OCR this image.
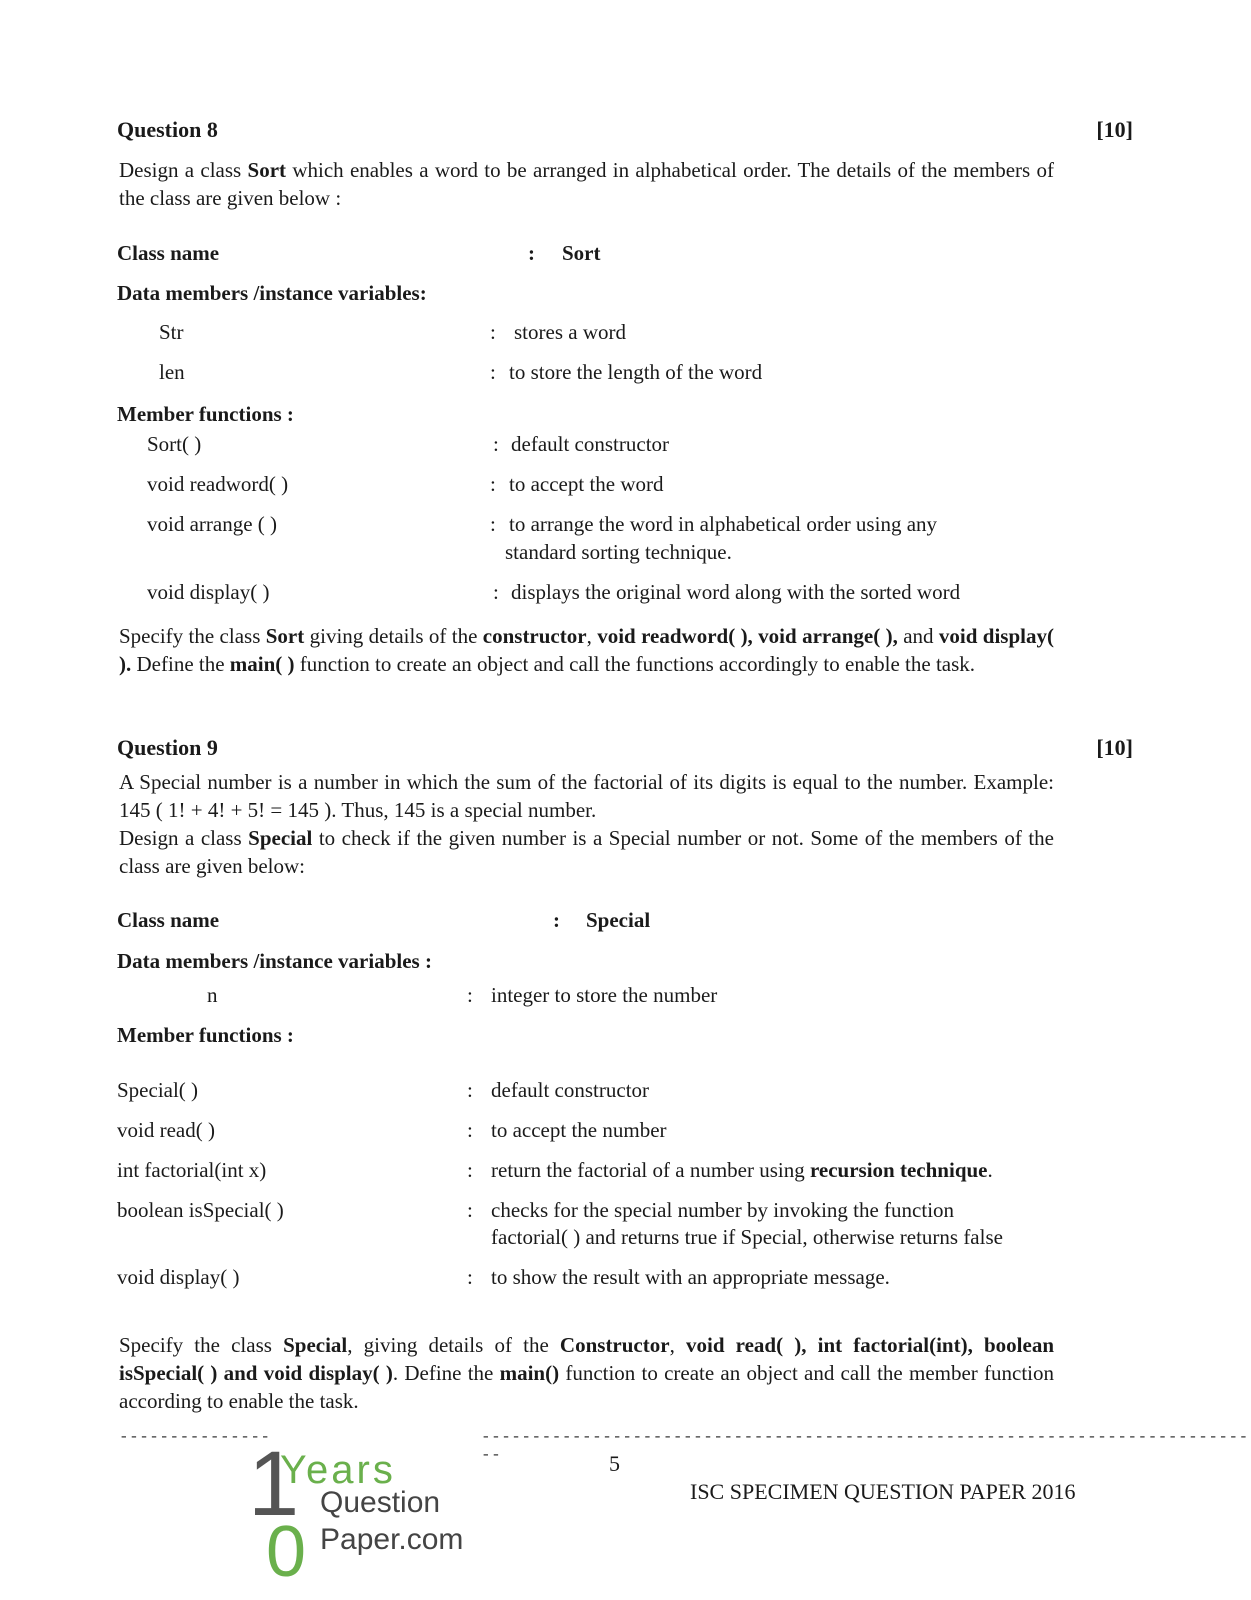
Question 8	[10]
Design a class Sort which enables a word to be arranged in alphabetical order. The details of the members of the class are given below :
Class name	: Sort
Data members /instance variables:
Str	: stores a word
len	: to store the length of the word
Member functions :
Sort( )	: default constructor
void readword( )	: to accept the word
void arrange ( )	: to arrange the word in alphabetical order using any
standard sorting technique.
void display( )	: displays the original word along with the sorted word
Specify the class Sort giving details of the constructor, void readword( ), void arrange( ), and void display( ). Define the main( ) function to create an object and call the functions accordingly to enable the task.
Question 9	[10]
A Special number is a number in which the sum of the factorial of its digits is equal to the number. Example: 145 ( 1! + 4! + 5! = 145 ). Thus, 145 is a special number.
Design a class Special to check if the given number is a Special number or not. Some of the members of the class are given below:
Class name	: Special
Data members /instance variables :
n	: integer to store the number
Member functions :
Special( )	: default constructor
void read( )	: to accept the number
int factorial(int x)	: return the factorial of a number using recursion technique.
boolean isSpecial( )	: checks for the special number by invoking the function
factorial( ) and returns true if Special, otherwise returns false
void display( )	: to show the result with an appropriate message.
Specify the class Special, giving details of the Constructor, void read( ), int factorial(int), boolean isSpecial( ) and void display( ). Define the main() function to create an object and call the member function according to enable the task.
---------------	------------------------------------------------------------------------------	5
ISC SPECIMEN QUESTION PAPER 2016
1
0
Years
Question
Paper.com
